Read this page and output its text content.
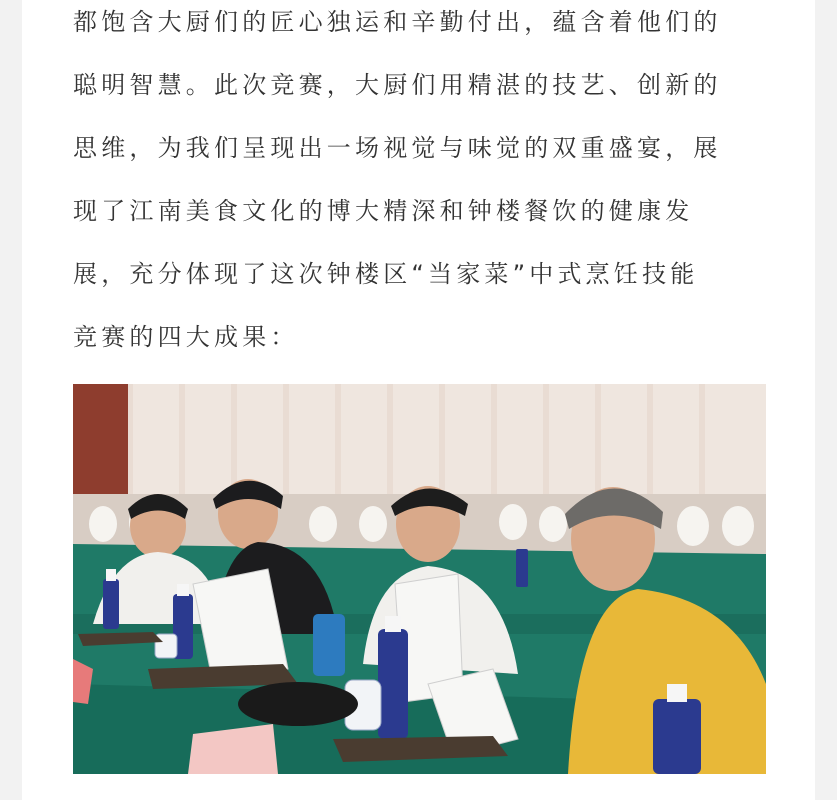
都饱含大厨们的匠心独运和辛勤付出，蕴含着他们的
聪明智慧。此次竞赛，大厨们用精湛的技艺、创新的
思维，为我们呈现出一场视觉与味觉的双重盛宴，展
现了江南美食文化的博大精深和钟楼餐饮的健康发
展，充分体现了这次钟楼区“当家菜”中式烹饪技能
竞赛的四大成果：
